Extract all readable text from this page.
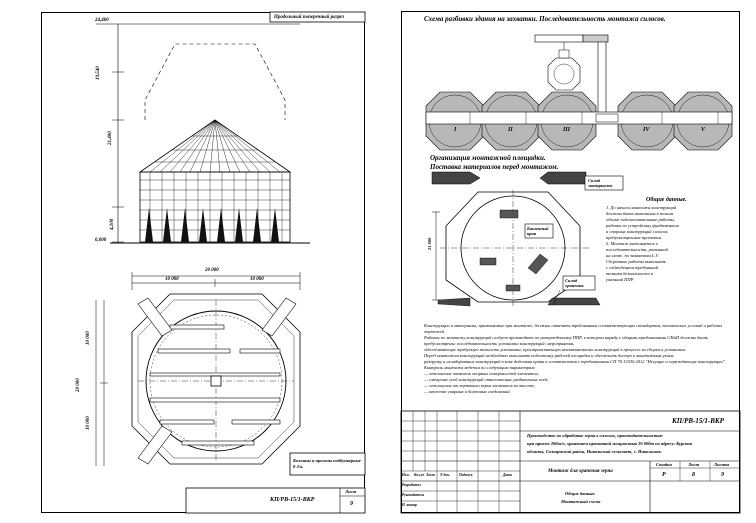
Продольный поперечный разрез
24,400
19,540
21,400
4,100
0,000
10 000	10 000
20 000
10 000
10 000
20 000
Колонны и прогоны подбункерные 8-2м.
КП/РВ-15/1-ВКР
Лист
9
Схема разбивки здания на захватки. Последовательность монтажа силосов.
I	II	III	IV	V
Организация монтажной площадки.
Поставка материалов перед монтажом.
Склад материалов
Башенный кран
Склад хранения
21 000
Общие данные.
1. До начала монтажа конструкций
должны быть выполнены в полном
объеме подготовительные работы,
работы по устройству фундаментов
и опорных конструкций силосов,
предусмотренные проектом.
2. Монтаж выполняется в
последовательности, указанной
на схеме, по захваткам I–V.
Сборочные работы выполнять
с соблюдением требований
техники безопасности и
указаний ППР.
Конструкции и материалы, применяемые при монтаже, должны отвечать требованиям соответствующих стандартов, технических условий и рабочих чертежей.
Работы по монтажу конструкций следует производить по утвержденному ППР, в котором наряду с общими требованиями СНиП должны быть предусмотрены: последовательность установки конструкций; мероприятия,
обеспечивающие требуемую точность установки; пространственную неизменяемость конструкций в процессе их сборки и установки.
Перед монтажом конструкций необходимо выполнить подготовку рабочей площадки и обеспечить доступ к монтажным узлам,
разгрузку и складирование конструкций в зоне действия крана в соответствии с требованиями СП 70.13330.2012 "Несущие и ограждающие конструкции".
Контроль монтажа ведется по следующим параметрам:
— отклонение отметок опорных поверхностей элементов;
— смещение осей конструкций относительно разбивочных осей;
— отклонение от вертикали верха элементов по высоте;
— качество сварных и болтовых соединений.
КП/РВ-15/1-ВКР
Производство по обработке зерна в силосах, производительностью
при приеме 200т/ч, хранением проектной мощностью 20 000т по адресу: Курская
область, Солнцевский район, Никольский сельсовет, с. Никольское.
Монтаж для хранения зерна
Стадия	Лист	Листов
Р	8	9
Общие данные.
Монтажный схема
Изм. Кол.уч Лист N док.	Подпись	Дата
Разработал
Руководитель
Н. контр.
